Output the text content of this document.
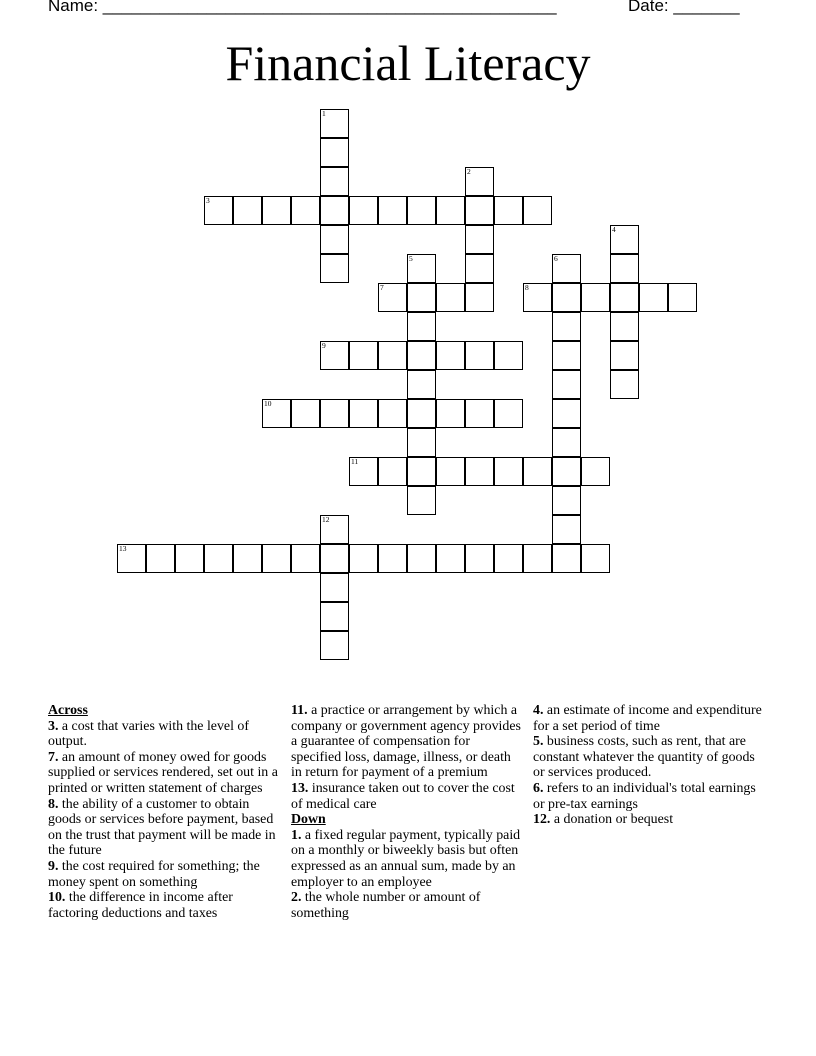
Name: ________________________________________________	Date: _______
Financial Literacy
1
2
3
4
5	6
7	8
9
10
11
12
13
Across
3. a cost that varies with the level of output.
7. an amount of money owed for goods supplied or services rendered, set out in a printed or written statement of charges
8. the ability of a customer to obtain goods or services before payment, based on the trust that payment will be made in the future
9. the cost required for something; the money spent on something
10. the difference in income after factoring deductions and taxes
11. a practice or arrangement by which a company or government agency provides a guarantee of compensation for specified loss, damage, illness, or death in return for payment of a premium
13. insurance taken out to cover the cost of medical care
Down
1. a fixed regular payment, typically paid on a monthly or biweekly basis but often expressed as an annual sum, made by an employer to an employee
2. the whole number or amount of something
4. an estimate of income and expenditure for a set period of time
5. business costs, such as rent, that are constant whatever the quantity of goods or services produced.
6. refers to an individual's total earnings or pre-tax earnings
12. a donation or bequest
